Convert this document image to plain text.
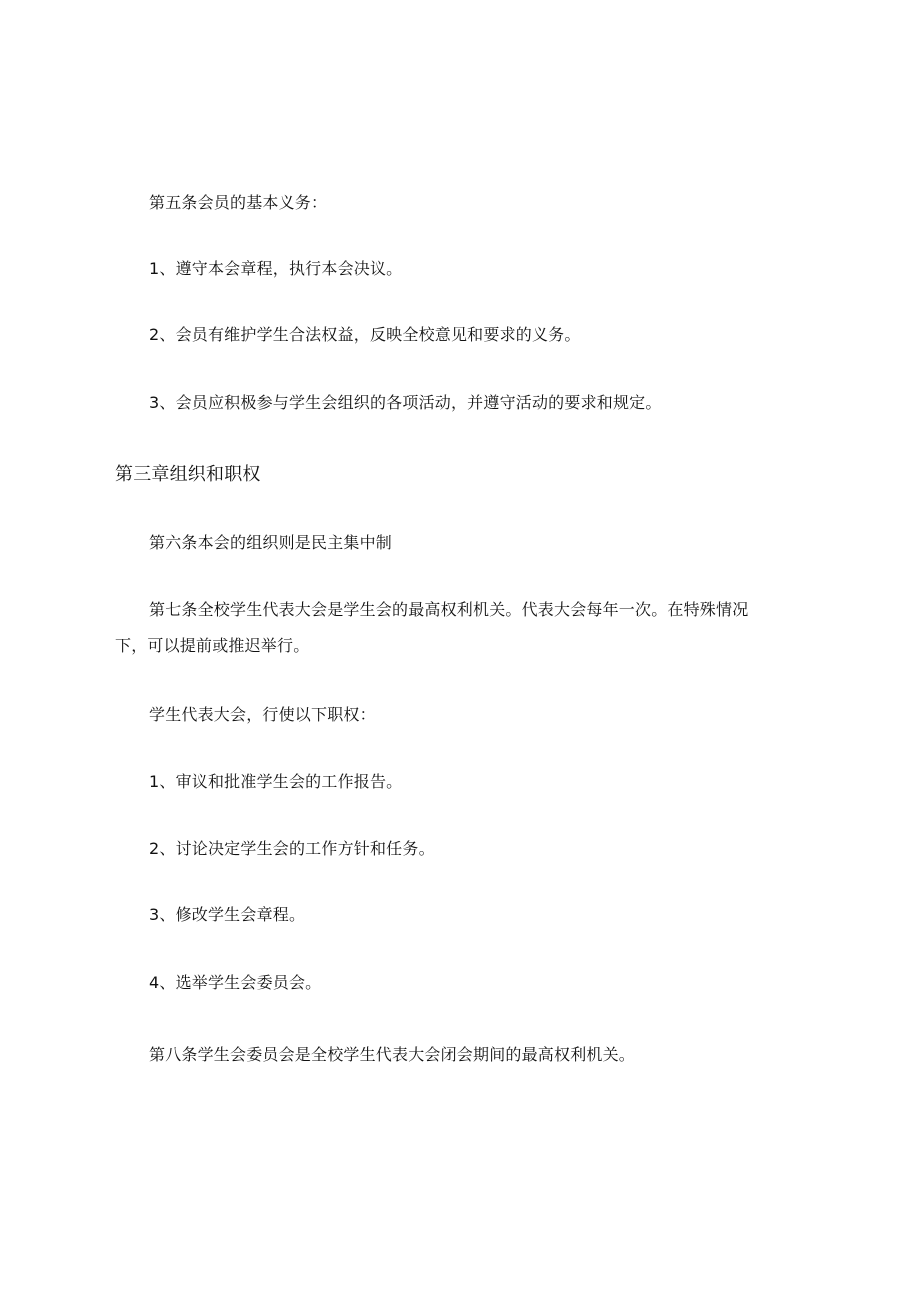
第五条会员的基本义务：
1、遵守本会章程，执行本会决议。
2、会员有维护学生合法权益，反映全校意见和要求的义务。
3、会员应积极参与学生会组织的各项活动，并遵守活动的要求和规定。
第三章组织和职权
第六条本会的组织则是民主集中制
第七条全校学生代表大会是学生会的最高权利机关。代表大会每年一次。在特殊情况
下，可以提前或推迟举行。
学生代表大会，行使以下职权：
1、审议和批准学生会的工作报告。
2、讨论决定学生会的工作方针和任务。
3、修改学生会章程。
4、选举学生会委员会。
第八条学生会委员会是全校学生代表大会闭会期间的最高权利机关。
